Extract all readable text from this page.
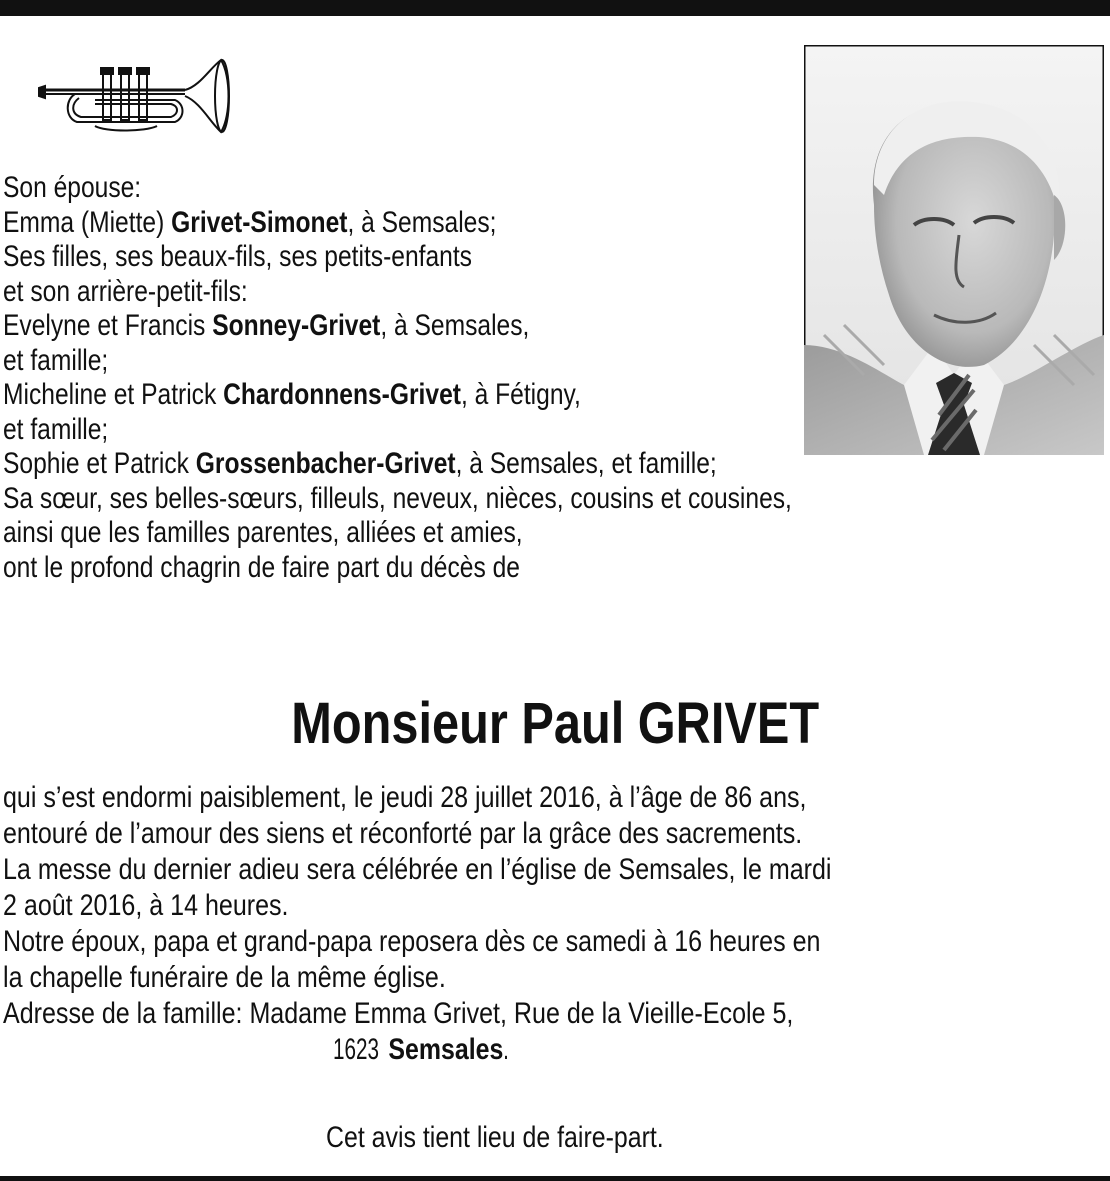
Son épouse:
Emma (Miette) Grivet-Simonet, à Semsales;
Ses filles, ses beaux-fils, ses petits-enfants
et son arrière-petit-fils:
Evelyne et Francis Sonney-Grivet, à Semsales,
et famille;
Micheline et Patrick Chardonnens-Grivet, à Fétigny,
et famille;
Sophie et Patrick Grossenbacher-Grivet, à Semsales, et famille;
Sa sœur, ses belles-sœurs, filleuls, neveux, nièces, cousins et cousines,
ainsi que les familles parentes, alliées et amies,
ont le profond chagrin de faire part du décès de
Monsieur Paul GRIVET
qui s’est endormi paisiblement, le jeudi 28 juillet 2016, à l’âge de 86 ans,
entouré de l’amour des siens et réconforté par la grâce des sacrements.
La messe du dernier adieu sera célébrée en l’église de Semsales, le mardi
2 août 2016, à 14 heures.
Notre époux, papa et grand-papa reposera dès ce samedi à 16 heures en
la chapelle funéraire de la même église.
Adresse de la famille: Madame Emma Grivet, Rue de la Vieille-Ecole 5,
1623Semsales.
Cet avis tient lieu de faire-part.
